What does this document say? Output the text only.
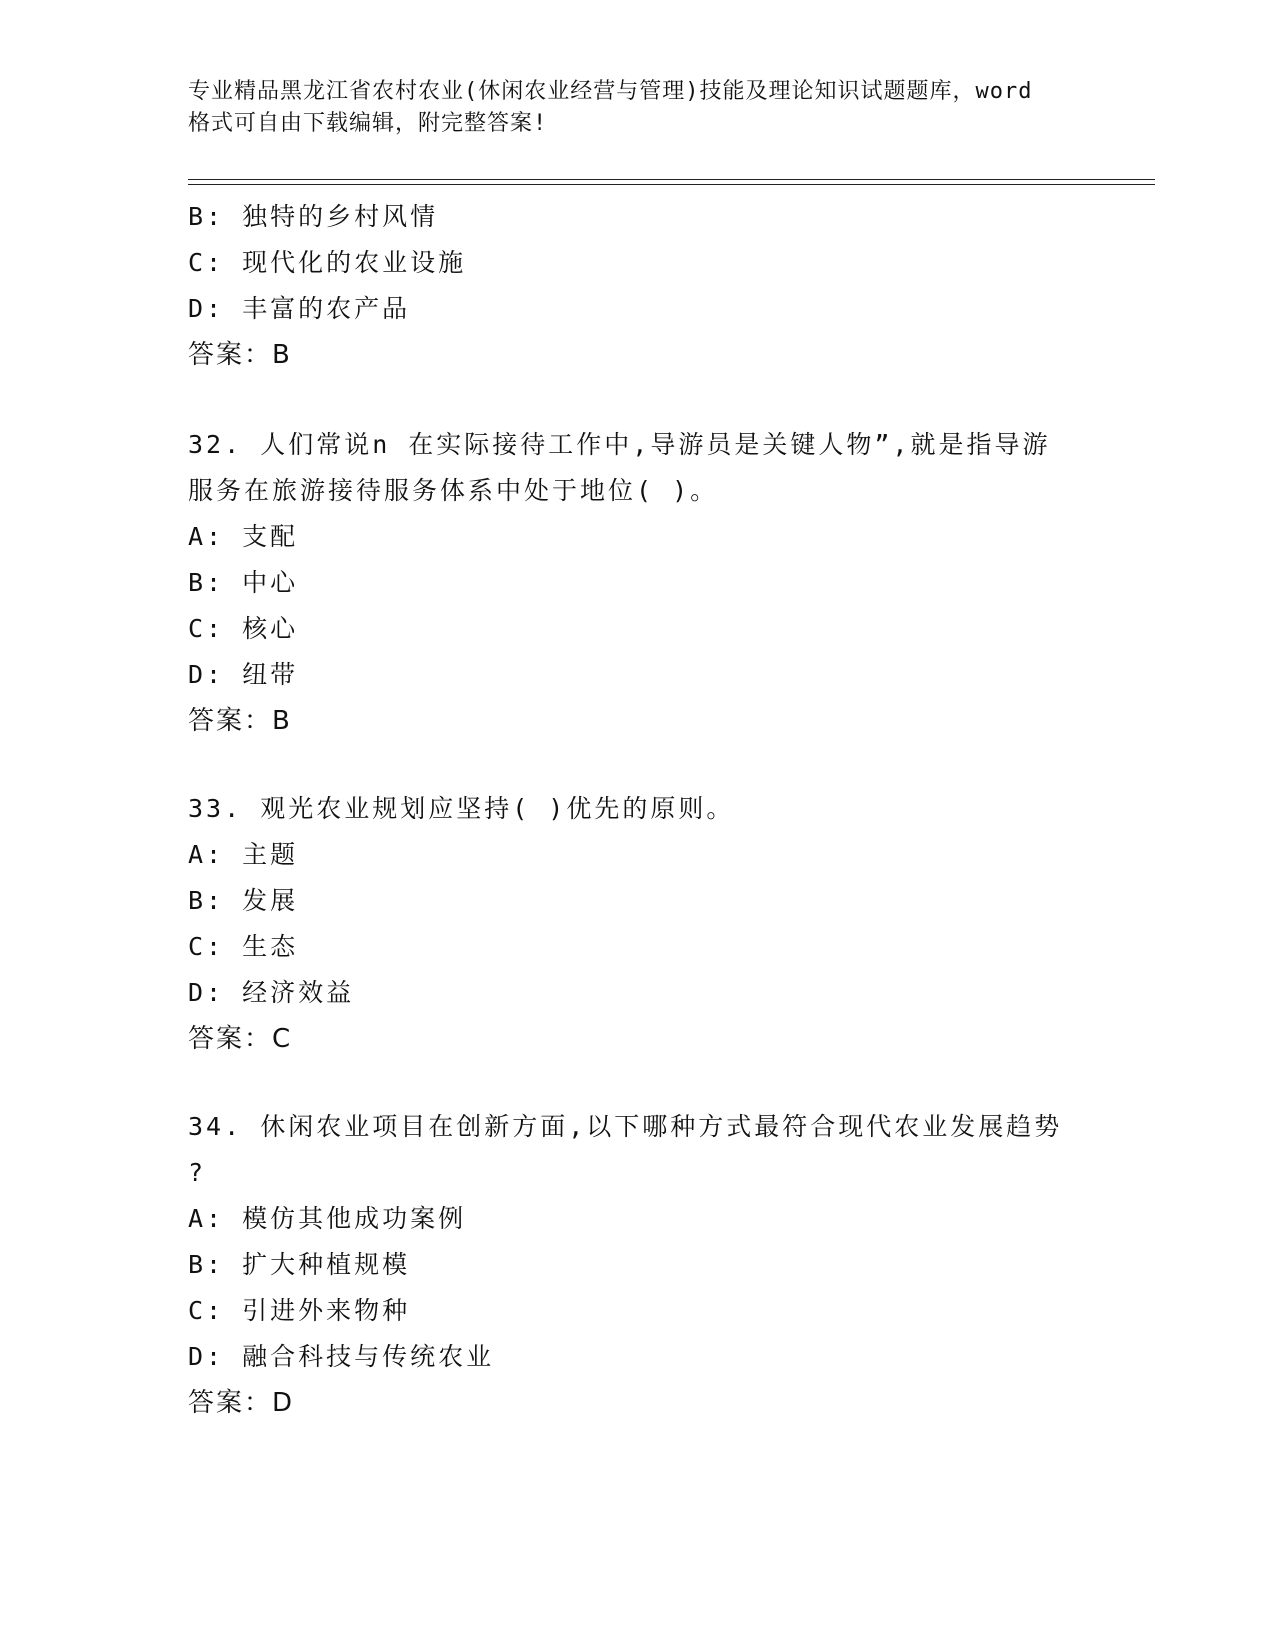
专业精品黑龙江省农村农业(休闲农业经营与管理)技能及理论知识试题题库，word
格式可自由下载编辑，附完整答案!
B: 独特的乡村风情
C: 现代化的农业设施
D: 丰富的农产品
答案：B
32. 人们常说n 在实际接待工作中,导游员是关键人物”,就是指导游
服务在旅游接待服务体系中处于地位( )。
A: 支配
B: 中心
C: 核心
D: 纽带
答案：B
33. 观光农业规划应坚持( )优先的原则。
A: 主题
B: 发展
C: 生态
D: 经济效益
答案：C
34. 休闲农业项目在创新方面,以下哪种方式最符合现代农业发展趋势
?
A: 模仿其他成功案例
B: 扩大种植规模
C: 引进外来物种
D: 融合科技与传统农业
答案：D
